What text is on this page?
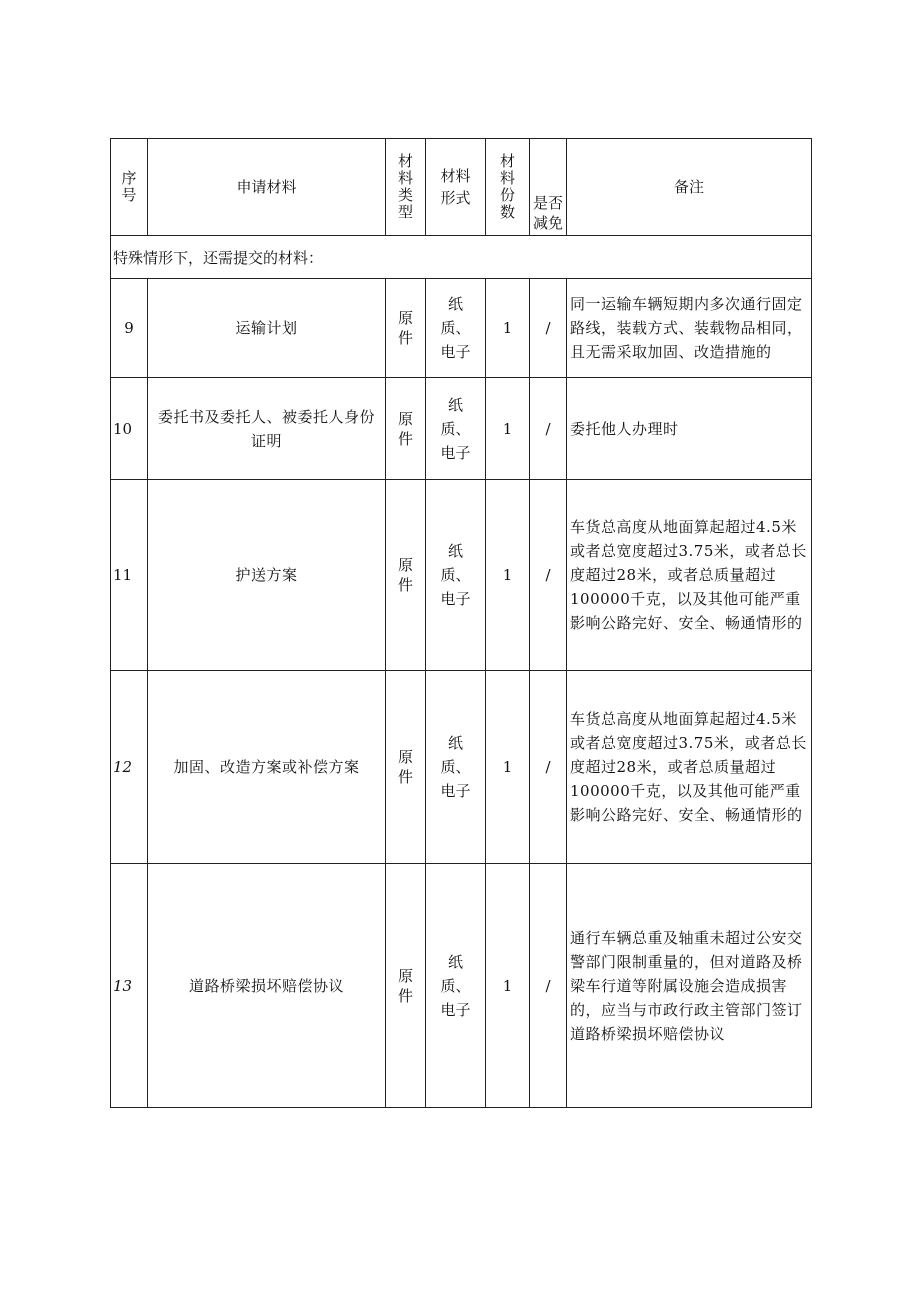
序号	申请材料	材料类型	材料形式	材料份数	是否减免	备注
特殊情形下，还需提交的材料：						
9	运输计划	原件	纸
质、
电子	1	/	同一运输车辆短期内多次通行固定路线，装载方式、装载物品相同，且无需采取加固、改造措施的
10	委托书及委托人、被委托人身份证明	原件	纸
质、
电子	1	/	委托他人办理时
11	护送方案	原件	纸
质、
电子	1	/	车货总高度从地面算起超过4.5米或者总宽度超过3.75米，或者总长度超过28米，或者总质量超过100000千克，以及其他可能严重影响公路完好、安全、畅通情形的
12	加固、改造方案或补偿方案	原件	纸
质、
电子	1	/	车货总高度从地面算起超过4.5米或者总宽度超过3.75米，或者总长度超过28米，或者总质量超过100000千克，以及其他可能严重影响公路完好、安全、畅通情形的
13	道路桥梁损坏赔偿协议	原件	纸
质、
电子	1	/	通行车辆总重及轴重未超过公安交警部门限制重量的，但对道路及桥梁车行道等附属设施会造成损害的，应当与市政行政主管部门签订道路桥梁损坏赔偿协议
